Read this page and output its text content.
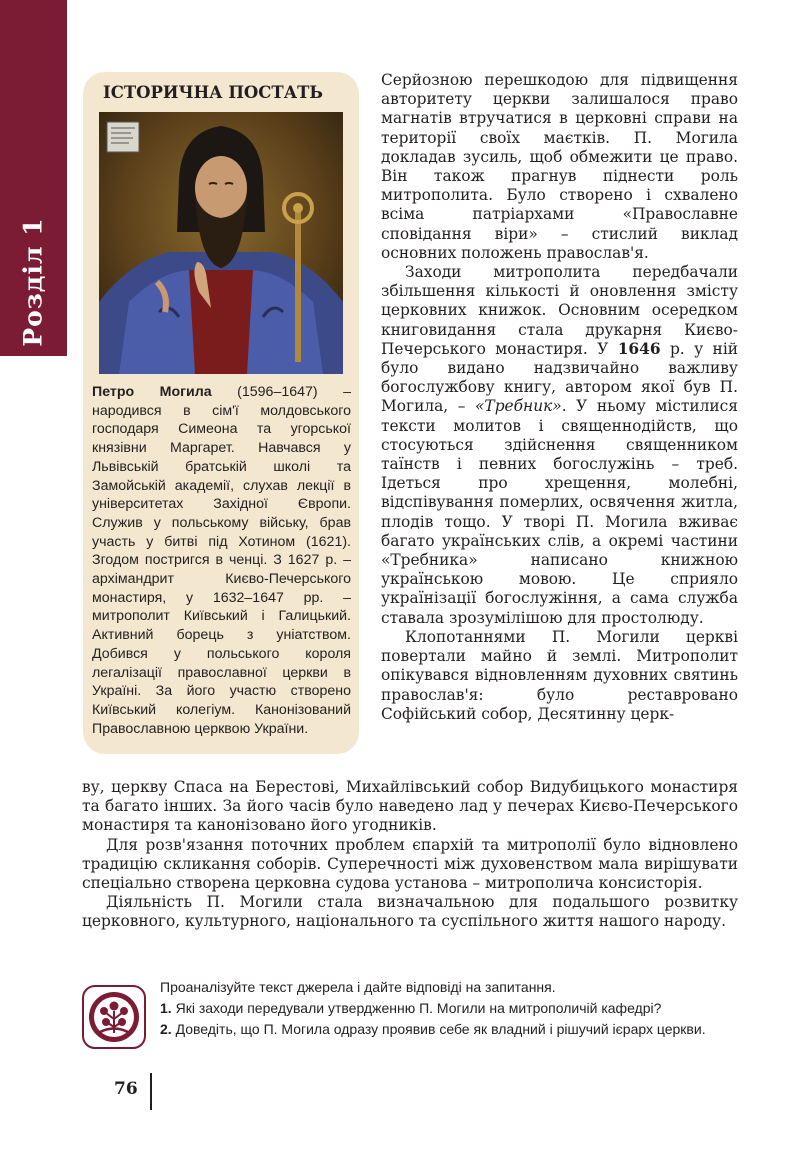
Розділ 1
ІСТОРИЧНА ПОСТАТЬ
Петро Могила (1596–1647) – народився в сім'ї молдовського господаря Симеона та угорської князівни Маргарет. Навчався у Львівській братській школі та Замойській академії, слухав лекції в університетах Західної Європи. Служив у польському війську, брав участь у битві під Хотином (1621). Згодом постригся в ченці. З 1627 р. – архімандрит Києво-Печерського монастиря, у 1632–1647 рр. – митрополит Київський і Галицький. Активний борець з уніатством. Добився у польського короля легалізації православної церкви в Україні. За його участю створено Київський колегіум. Канонізований Православною церквою України.

Серйозною перешкодою для підвищення авторитету церкви залишалося право магнатів втручатися в церковні справи на території своїх маєтків. П. Могила докладав зусиль, щоб обмежити це право. Він також прагнув піднести роль митрополита. Було створено і схвалено всіма патріархами «Православне сповідання віри» – стислий виклад основних положень православ'я.

Заходи митрополита передбачали збільшення кількості й оновлення змісту церковних книжок. Основним осередком книговидання стала друкарня Києво-Печерського монастиря. У 1646 р. у ній було видано надзвичайно важливу богослужбову книгу, автором якої був П. Могила, – «Требник». У ньому містилися тексти молитов і священнодійств, що стосуються здійснення священником таїнств і певних богослужінь – треб. Ідеться про хрещення, молебні, відспівування померлих, освячення житла, плодів тощо. У творі П. Могила вживає багато українських слів, а окремі частини «Требника» написано книжною українською мовою. Це сприяло українізації богослужіння, а сама служба ставала зрозумілішою для простолюду.

Клопотаннями П. Могили церкві повертали майно й землі. Митрополит опікувався відновленням духовних святинь православ'я: було реставровано Софійський собор, Десятинну церк-

ву, церкву Спаса на Берестові, Михайлівський собор Видубицького монастиря та багато інших. За його часів було наведено лад у печерах Києво-Печерського монастиря та канонізовано його угодників.

Для розв'язання поточних проблем єпархій та митрополії було відновлено традицію скликання соборів. Суперечності між духовенством мала вирішувати спеціально створена церковна судова установа – митрополича консисторія.

Діяльність П. Могили стала визначальною для подальшого розвитку церковного, культурного, національного та суспільного життя нашого народу.

Проаналізуйте текст джерела і дайте відповіді на запитання.

1. Які заходи передували утвердженню П. Могили на митрополичій кафедрі?

2. Доведіть, що П. Могила одразу проявив себе як владний і рішучий ієрарх церкви.

76
